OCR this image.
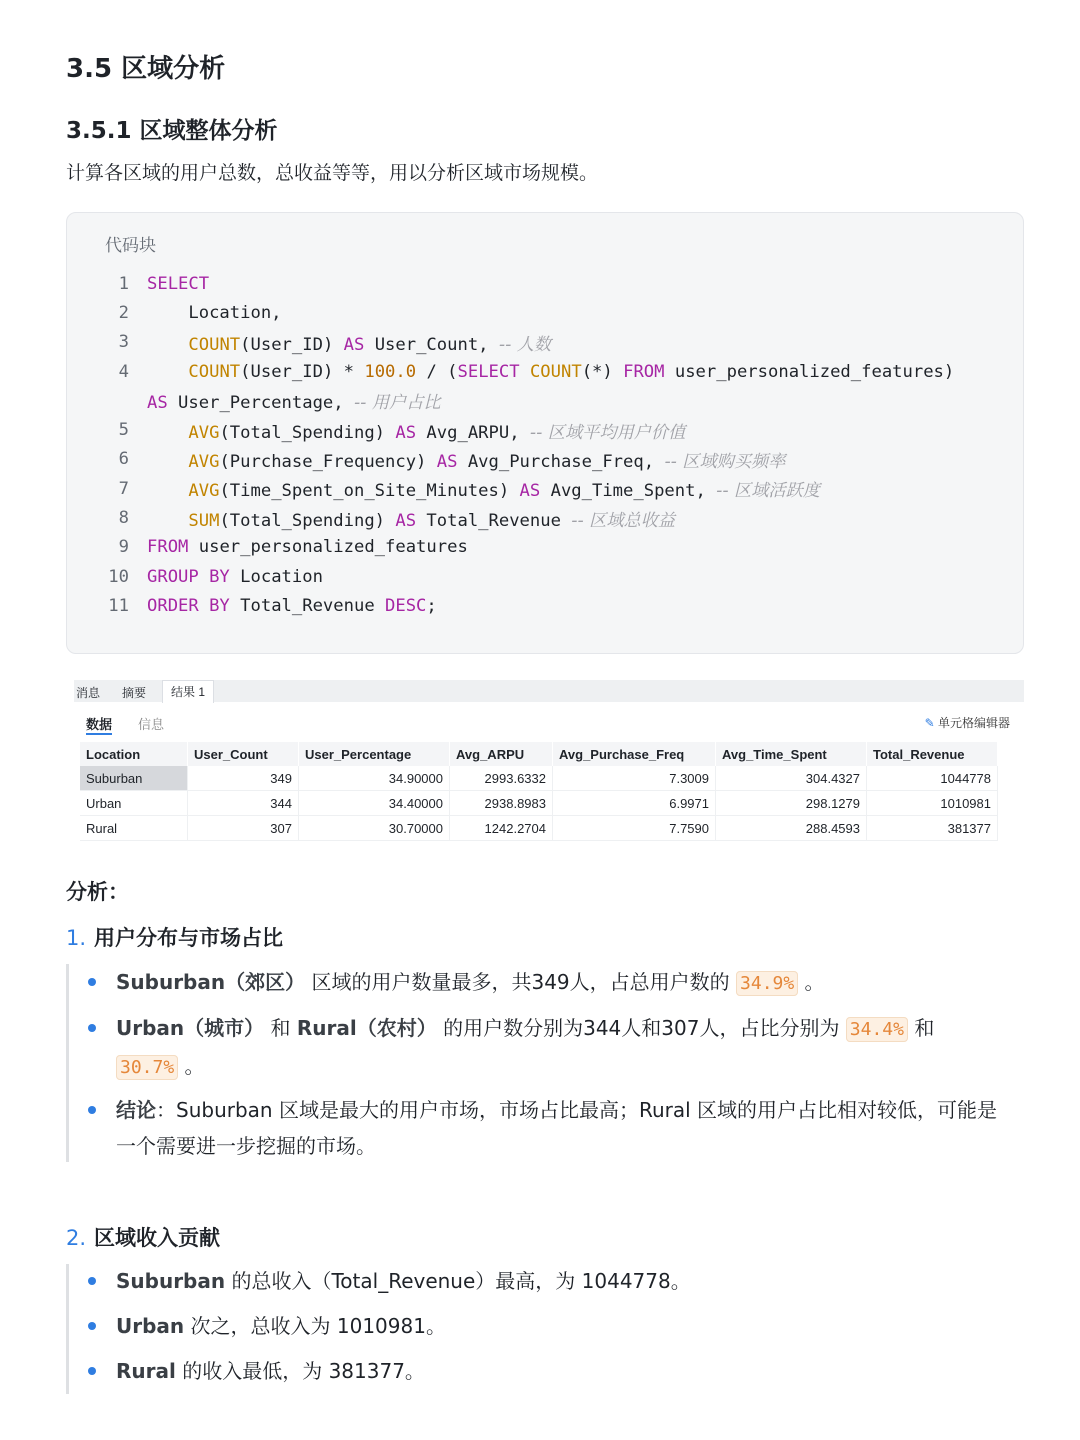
3.5 区域分析
3.5.1 区域整体分析

计算各区域的用户总数，总收益等等，用以分析区域市场规模。

代码块
1	SELECT
2	Location,
3	COUNT(User_ID) AS User_Count, -- 人数
4	COUNT(User_ID) * 100.0 / (SELECT COUNT(*) FROM user_personalized_features)
AS User_Percentage, -- 用户占比
5	AVG(Total_Spending) AS Avg_ARPU, -- 区域平均用户价值
6	AVG(Purchase_Frequency) AS Avg_Purchase_Freq, -- 区域购买频率
7	AVG(Time_Spent_on_Site_Minutes) AS Avg_Time_Spent, -- 区域活跃度
8	SUM(Total_Spending) AS Total_Revenue -- 区域总收益
9	FROM user_personalized_features
10	GROUP BY Location
11	ORDER BY Total_Revenue DESC;
消息 摘要	结果 1
数据 信息	✎ 单元格编辑器
Location	User_Count	User_Percentage	Avg_ARPU	Avg_Purchase_Freq	Avg_Time_Spent	Total_Revenue
Suburban	349	34.90000	2993.6332	7.3009	304.4327	1044778
Urban	344	34.40000	2938.8983	6.9971	298.1279	1010981
Rural	307	30.70000	1242.2704	7.7590	288.4593	381377
分析：
1. 用户分布与市场占比
Suburban（郊区） 区域的用户数量最多，共349人，占总用户数的 34.9% 。
Urban（城市） 和 Rural（农村） 的用户数分别为344人和307人，占比分别为 34.4% 和
30.7% 。
结论：Suburban 区域是最大的用户市场，市场占比最高；Rural 区域的用户占比相对较低，可能是一个需要进一步挖掘的市场。
2. 区域收入贡献
Suburban 的总收入（Total_Revenue）最高，为 1044778。
Urban 次之，总收入为 1010981。
Rural 的收入最低，为 381377。
